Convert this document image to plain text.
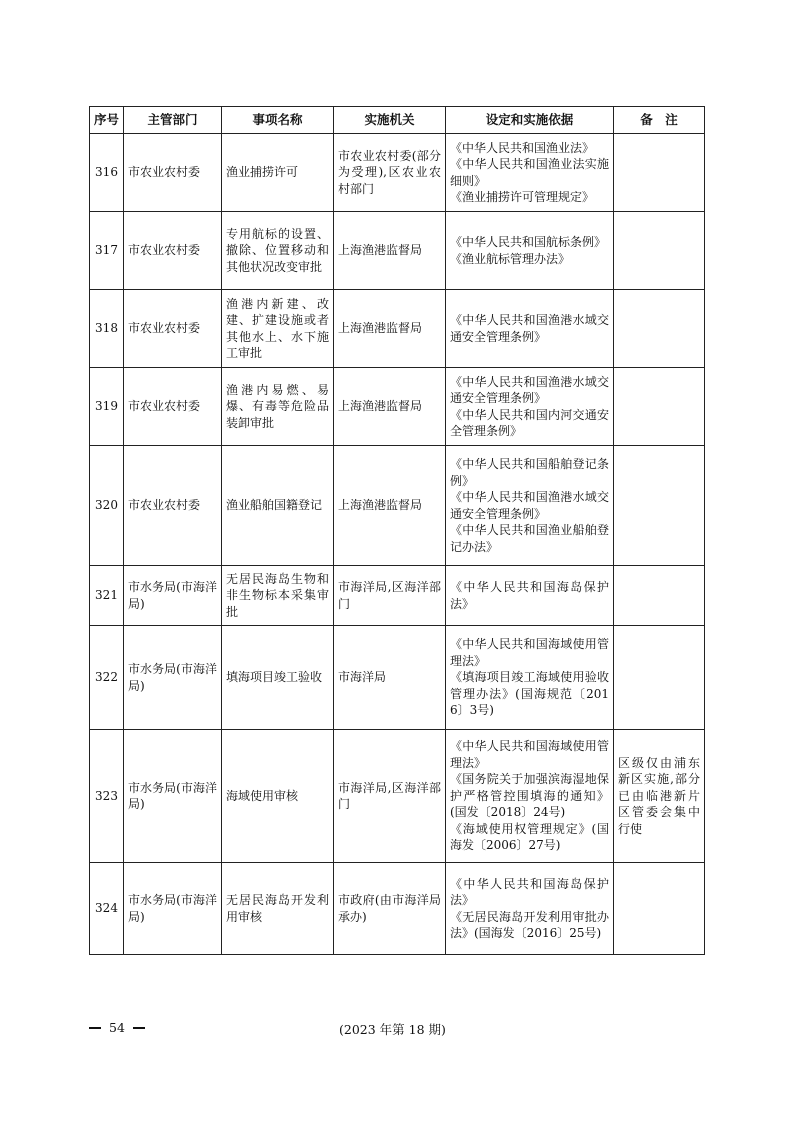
序号	主管部门	事项名称	实施机关	设定和实施依据	备　注
316	市农业农村委	渔业捕捞许可	市农业农村委(部分为受理),区农业农村部门	《中华人民共和国渔业法》
《中华人民共和国渔业法实施细则》
《渔业捕捞许可管理规定》	
317	市农业农村委	专用航标的设置、撤除、位置移动和其他状况改变审批	上海渔港监督局	《中华人民共和国航标条例》
《渔业航标管理办法》	
318	市农业农村委	渔港内新建、改建、扩建设施或者其他水上、水下施工审批	上海渔港监督局	《中华人民共和国渔港水域交通安全管理条例》	
319	市农业农村委	渔港内易燃、易爆、有毒等危险品装卸审批	上海渔港监督局	《中华人民共和国渔港水域交通安全管理条例》
《中华人民共和国内河交通安全管理条例》	
320	市农业农村委	渔业船舶国籍登记	上海渔港监督局	《中华人民共和国船舶登记条例》
《中华人民共和国渔港水域交通安全管理条例》
《中华人民共和国渔业船舶登记办法》	
321	市水务局(市海洋局)	无居民海岛生物和非生物标本采集审批	市海洋局,区海洋部门	《中华人民共和国海岛保护法》	
322	市水务局(市海洋局)	填海项目竣工验收	市海洋局	《中华人民共和国海域使用管理法》
《填海项目竣工海域使用验收管理办法》(国海规范〔2016〕3号)	
323	市水务局(市海洋局)	海域使用审核	市海洋局,区海洋部门	《中华人民共和国海域使用管理法》
《国务院关于加强滨海湿地保护严格管控围填海的通知》(国发〔2018〕24号)
《海域使用权管理规定》(国海发〔2006〕27号)	区级仅由浦东新区实施,部分已由临港新片区管委会集中行使
324	市水务局(市海洋局)	无居民海岛开发利用审核	市政府(由市海洋局承办)	《中华人民共和国海岛保护法》
《无居民海岛开发利用审批办法》(国海发〔2016〕25号)	
54	(2023 年第 18 期)
